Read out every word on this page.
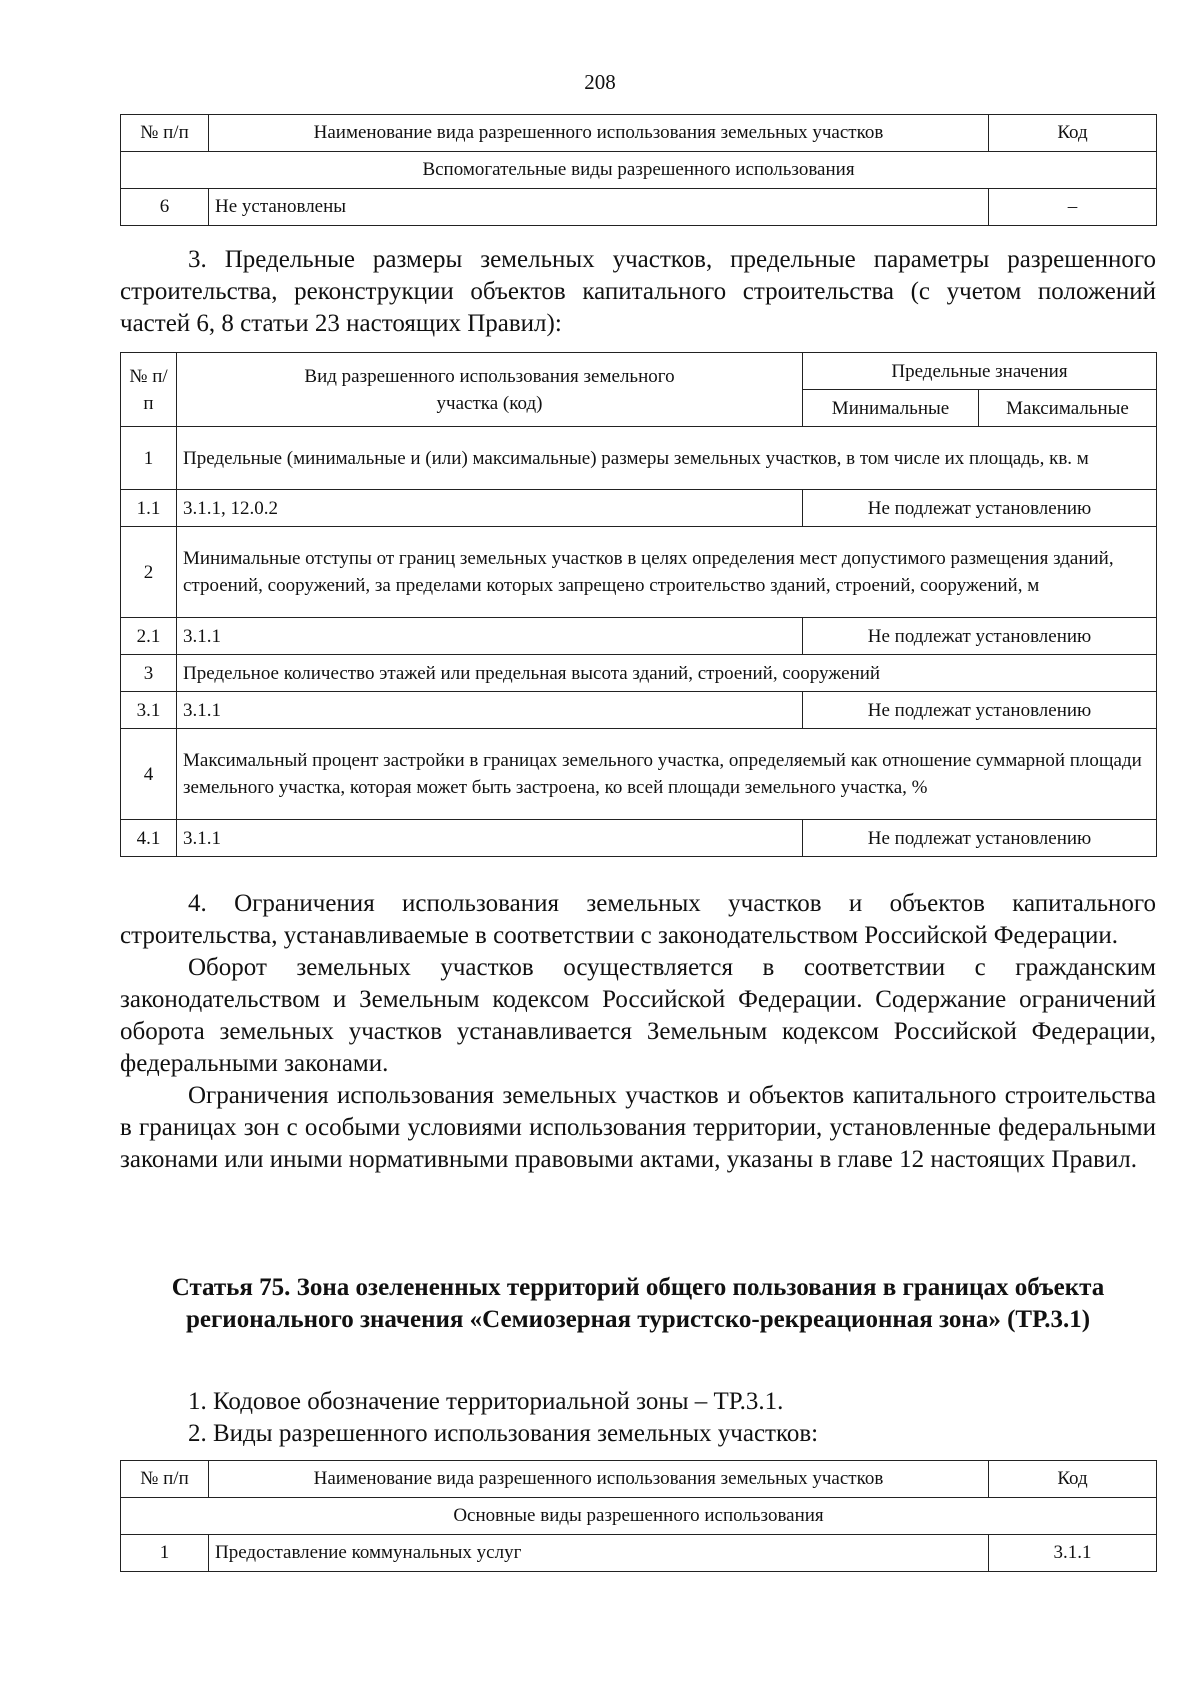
208
№ п/п	Наименование вида разрешенного использования земельных участков	Код
Вспомогательные виды разрешенного использования		
6	Не установлены	–

3. Предельные размеры земельных участков, предельные параметры разрешенного строительства, реконструкции объектов капитального строительства (с учетом положений частей 6, 8 статьи 23 настоящих Правил):

№ п/п	Вид разрешенного использования земельного участка (код)	Предельные значения	
		Минимальные	Максимальные
1	Предельные (минимальные и (или) максимальные) размеры земельных участков, в том числе их площадь, кв. м		
1.1	3.1.1, 12.0.2	Не подлежат установлению	
2	Минимальные отступы от границ земельных участков в целях определения мест допустимого размещения зданий, строений, сооружений, за пределами которых запрещено строительство зданий, строений, сооружений, м		
2.1	3.1.1	Не подлежат установлению	
3	Предельное количество этажей или предельная высота зданий, строений, сооружений		
3.1	3.1.1	Не подлежат установлению	
4	Максимальный процент застройки в границах земельного участка, определяемый как отношение суммарной площади земельного участка, которая может быть застроена, ко всей площади земельного участка, %		
4.1	3.1.1	Не подлежат установлению	

4. Ограничения использования земельных участков и объектов капитального строительства, устанавливаемые в соответствии с законодательством Российской Федерации.

Оборот земельных участков осуществляется в соответствии с гражданским законодательством и Земельным кодексом Российской Федерации. Содержание ограничений оборота земельных участков устанавливается Земельным кодексом Российской Федерации, федеральными законами.

Ограничения использования земельных участков и объектов капитального строительства в границах зон с особыми условиями использования территории, установленные федеральными законами или иными нормативными правовыми актами, указаны в главе 12 настоящих Правил.

Статья 75. Зона озелененных территорий общего пользования в границах объекта регионального значения «Семиозерная туристско-рекреационная зона» (ТР.3.1)

1. Кодовое обозначение территориальной зоны – ТР.3.1.

2. Виды разрешенного использования земельных участков:

№ п/п	Наименование вида разрешенного использования земельных участков	Код
Основные виды разрешенного использования		
1	Предоставление коммунальных услуг	3.1.1
